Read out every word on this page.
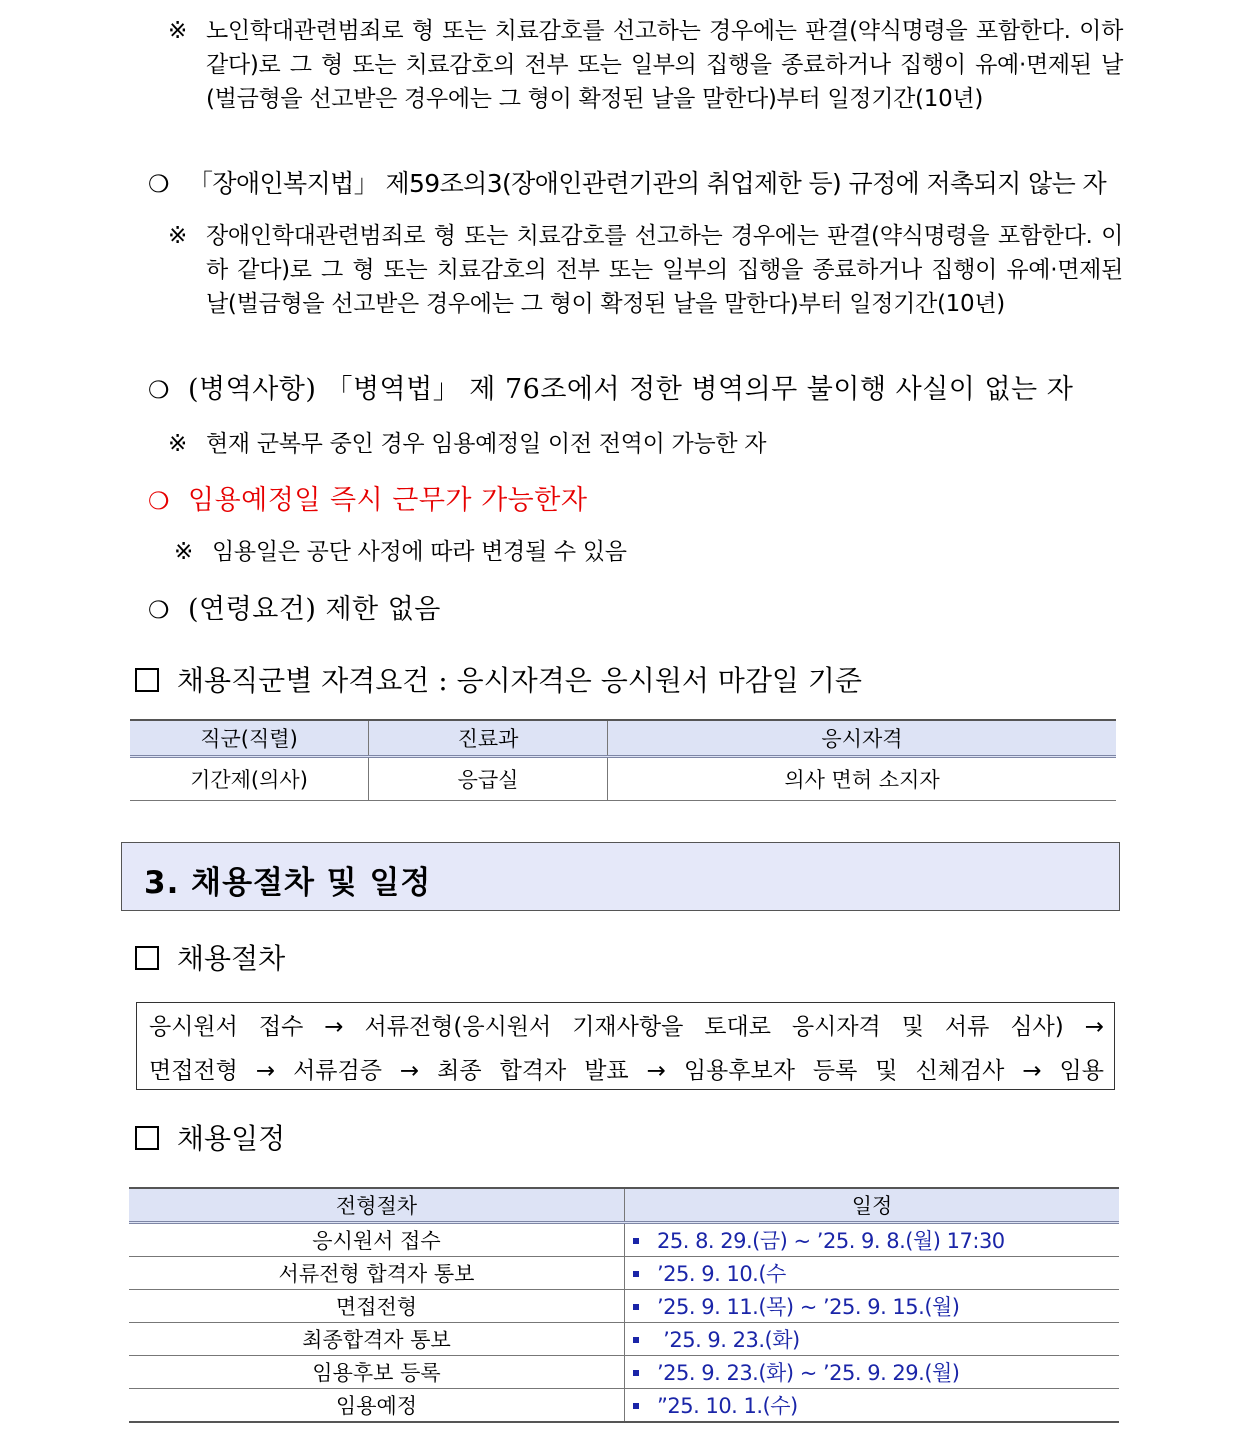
※ 노인학대관련범죄로 형 또는 치료감호를 선고하는 경우에는 판결(약식명령을 포함한다. 이하 같다)로 그 형 또는 치료감호의 전부 또는 일부의 집행을 종료하거나 집행이 유예·면제된 날(벌금형을 선고받은 경우에는 그 형이 확정된 날을 말한다)부터 일정기간(10년)
❍ 「장애인복지법」 제59조의3(장애인관련기관의 취업제한 등) 규정에 저촉되지 않는 자
※ 장애인학대관련범죄로 형 또는 치료감호를 선고하는 경우에는 판결(약식명령을 포함한다. 이하 같다)로 그 형 또는 치료감호의 전부 또는 일부의 집행을 종료하거나 집행이 유예·면제된 날(벌금형을 선고받은 경우에는 그 형이 확정된 날을 말한다)부터 일정기간(10년)
❍ (병역사항) 「병역법」 제 76조에서 정한 병역의무 불이행 사실이 없는 자
※ 현재 군복무 중인 경우 임용예정일 이전 전역이 가능한 자
❍ 임용예정일 즉시 근무가 가능한자
※ 임용일은 공단 사정에 따라 변경될 수 있음
❍ (연령요건) 제한 없음
채용직군별 자격요건 : 응시자격은 응시원서 마감일 기준
직군(직렬)	진료과	응시자격
기간제(의사)	응급실	의사 면허 소지자
3. 채용절차 및 일정
채용절차
응시원서 접수 → 서류전형(응시원서 기재사항을 토대로 응시자격 및 서류 심사) →
면접전형 → 서류검증 → 최종 합격자 발표 → 임용후보자 등록 및 신체검사 → 임용
채용일정
전형절차	일정
응시원서 접수	25. 8. 29.(금) ~ ’25. 9. 8.(월) 17:30
서류전형 합격자 통보	’25. 9. 10.(수
면접전형	’25. 9. 11.(목) ~ ’25. 9. 15.(월)
최종합격자 통보	’25. 9. 23.(화)
임용후보 등록	’25. 9. 23.(화) ~ ’25. 9. 29.(월)
임용예정	”25. 10. 1.(수)
